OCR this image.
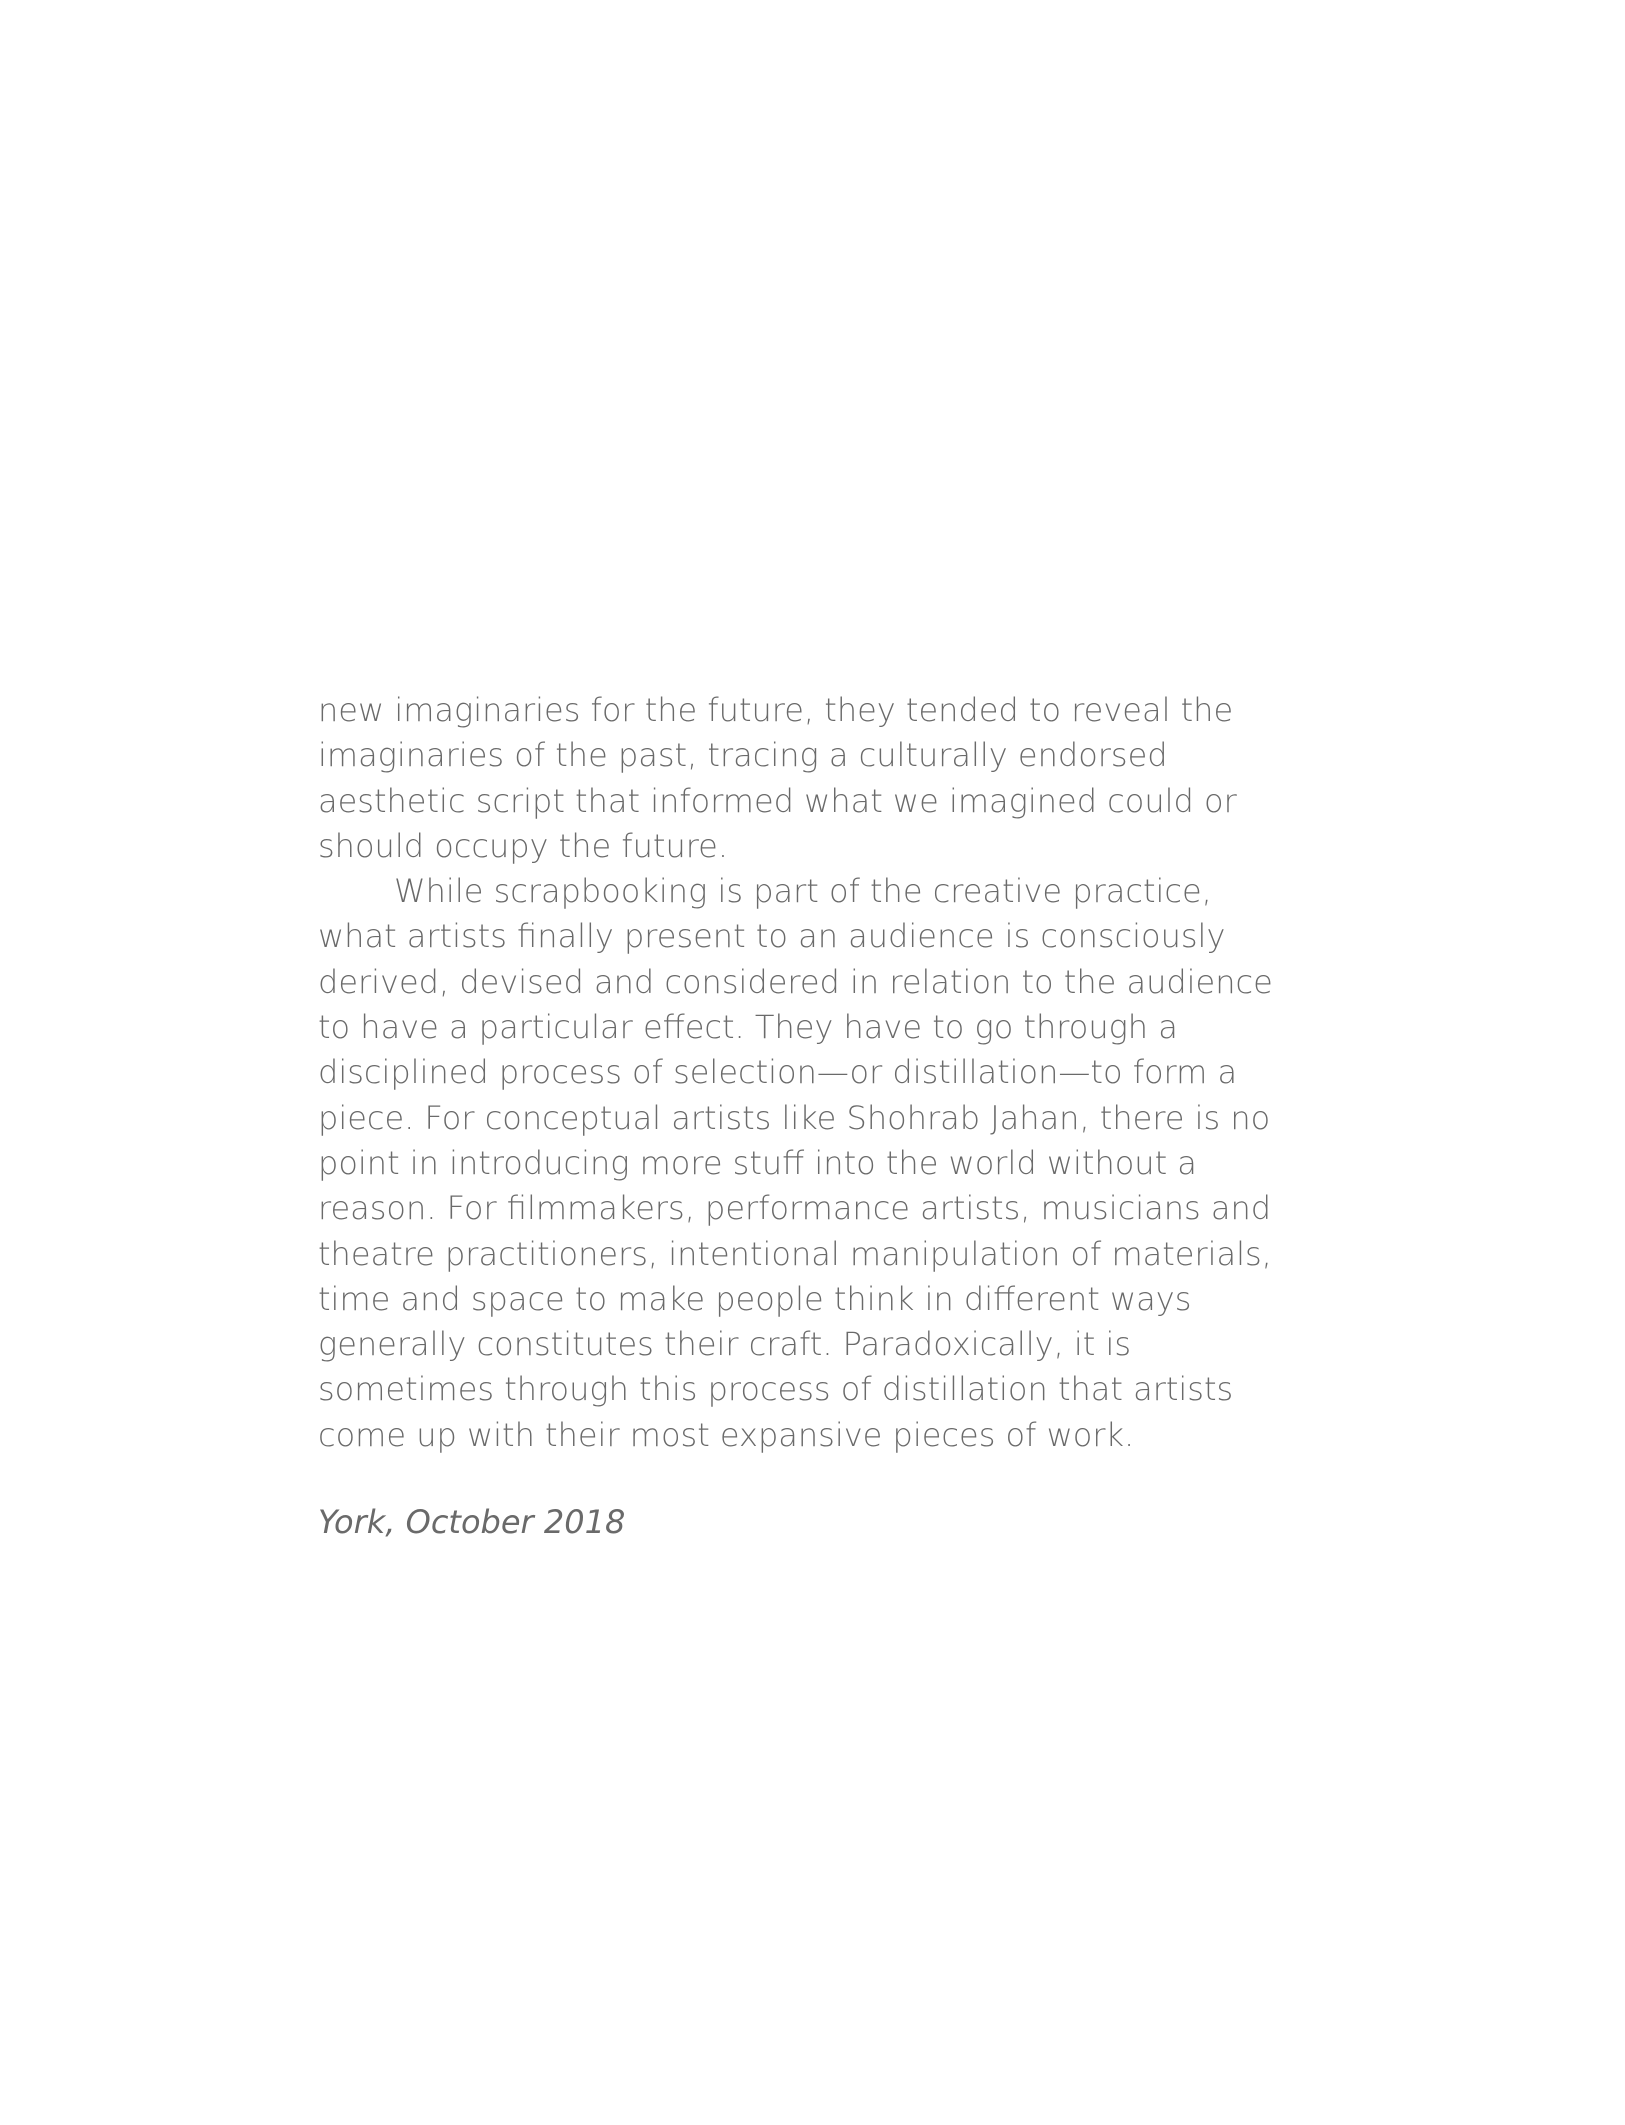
new imaginaries for the future, they tended to reveal the
imaginaries of the past, tracing a culturally endorsed
aesthetic script that informed what we imagined could or
should occupy the future.
While scrapbooking is part of the creative practice,
what artists finally present to an audience is consciously
derived, devised and considered in relation to the audience
to have a particular effect. They have to go through a
disciplined process of selection—or distillation—to form a
piece. For conceptual artists like Shohrab Jahan, there is no
point in introducing more stuff into the world without a
reason. For filmmakers, performance artists, musicians and
theatre practitioners, intentional manipulation of materials,
time and space to make people think in different ways
generally constitutes their craft. Paradoxically, it is
sometimes through this process of distillation that artists
come up with their most expansive pieces of work.
York, October 2018
